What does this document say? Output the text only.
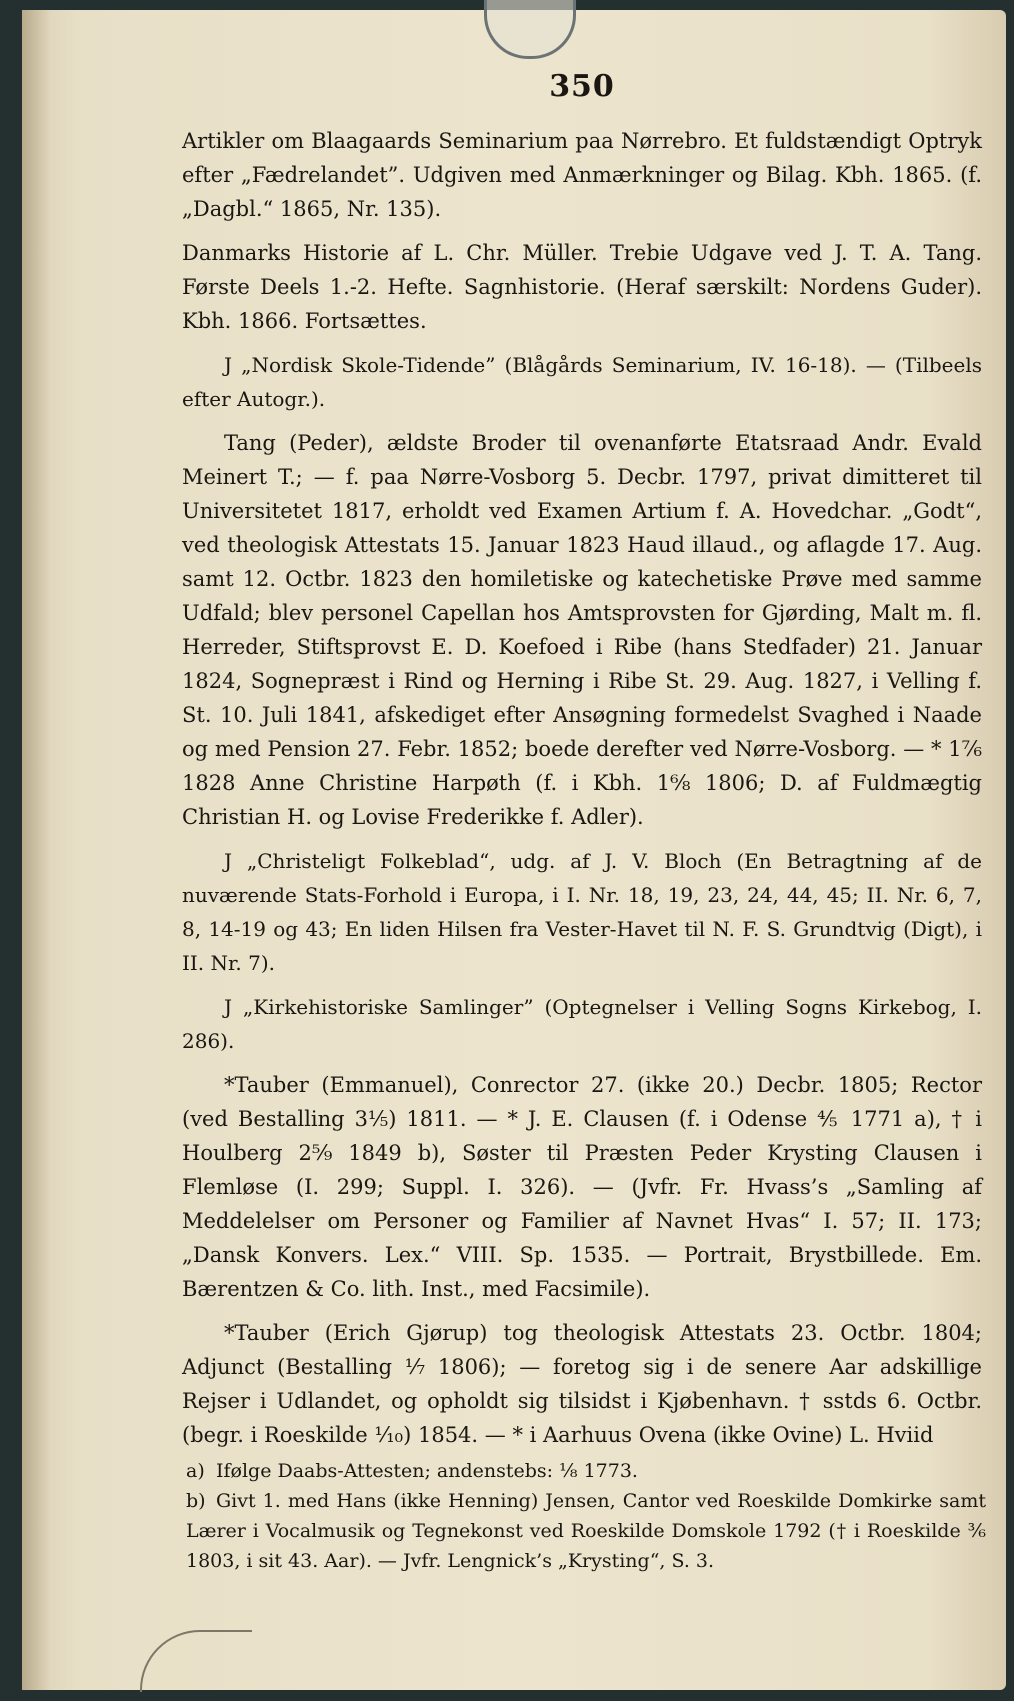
350

Artikler om Blaagaards Seminarium paa Nørrebro. Et fuldstændigt Optryk efter „Fædrelandet”. Udgiven med Anmærkninger og Bilag. Kbh. 1865. (f. „Dagbl.“ 1865, Nr. 135).

Danmarks Historie af L. Chr. Müller. Trebie Udgave ved J. T. A. Tang. Første Deels 1.-2. Hefte. Sagnhistorie. (Heraf særskilt: Nordens Guder). Kbh. 1866. Fortsættes.

J „Nordisk Skole-Tidende” (Blågårds Seminarium, IV. 16-18). — (Tilbeels efter Autogr.).

Tang (Peder), ældste Broder til ovenanførte Etatsraad Andr. Evald Meinert T.; — f. paa Nørre-Vosborg 5. Decbr. 1797, privat dimitteret til Universitetet 1817, erholdt ved Examen Artium f. A. Hovedchar. „Godt“, ved theologisk Attestats 15. Januar 1823 Haud illaud., og aflagde 17. Aug. samt 12. Octbr. 1823 den homiletiske og katechetiske Prøve med samme Udfald; blev personel Capellan hos Amtsprovsten for Gjørding, Malt m. fl. Herreder, Stiftsprovst E. D. Koefoed i Ribe (hans Stedfader) 21. Januar 1824, Sognepræst i Rind og Herning i Ribe St. 29. Aug. 1827, i Velling f. St. 10. Juli 1841, afskediget efter Ansøgning formedelst Svaghed i Naade og med Pension 27. Febr. 1852; boede derefter ved Nørre-Vosborg. — * 1⁷⁄₆ 1828 Anne Christine Harpøth (f. i Kbh. 1⁶⁄₈ 1806; D. af Fuldmægtig Christian H. og Lovise Frederikke f. Adler).

J „Christeligt Folkeblad“, udg. af J. V. Bloch (En Betragtning af de nuværende Stats-Forhold i Europa, i I. Nr. 18, 19, 23, 24, 44, 45; II. Nr. 6, 7, 8, 14-19 og 43; En liden Hilsen fra Vester-Havet til N. F. S. Grundtvig (Digt), i II. Nr. 7).

J „Kirkehistoriske Samlinger” (Optegnelser i Velling Sogns Kirkebog, I. 286).

*Tauber (Emmanuel), Conrector 27. (ikke 20.) Decbr. 1805; Rector (ved Bestalling 3¹⁄₅) 1811. — * J. E. Clausen (f. i Odense ⅘ 1771 a), † i Houlberg 2⁵⁄₉ 1849 b), Søster til Præsten Peder Krysting Clausen i Flemløse (I. 299; Suppl. I. 326). — (Jvfr. Fr. Hvass’s „Samling af Meddelelser om Personer og Familier af Navnet Hvas“ I. 57; II. 173; „Dansk Konvers. Lex.“ VIII. Sp. 1535. — Portrait, Brystbillede. Em. Bærentzen & Co. lith. Inst., med Facsimile).

*Tauber (Erich Gjørup) tog theologisk Attestats 23. Octbr. 1804; Adjunct (Bestalling ¹⁄₇ 1806); — foretog sig i de senere Aar adskillige Rejser i Udlandet, og opholdt sig tilsidst i Kjøbenhavn. † sstds 6. Octbr. (begr. i Roeskilde ¹⁄₁₀) 1854. — * i Aarhuus Ovena (ikke Ovine) L. Hviid

a) Ifølge Daabs-Attesten; andenstebs: ¹⁄₈ 1773.

b) Givt 1. med Hans (ikke Henning) Jensen, Cantor ved Roeskilde Domkirke samt Lærer i Vocalmusik og Tegnekonst ved Roeskilde Domskole 1792 († i Roeskilde ³⁄₆ 1803, i sit 43. Aar). — Jvfr. Lengnick’s „Krysting“, S. 3.
